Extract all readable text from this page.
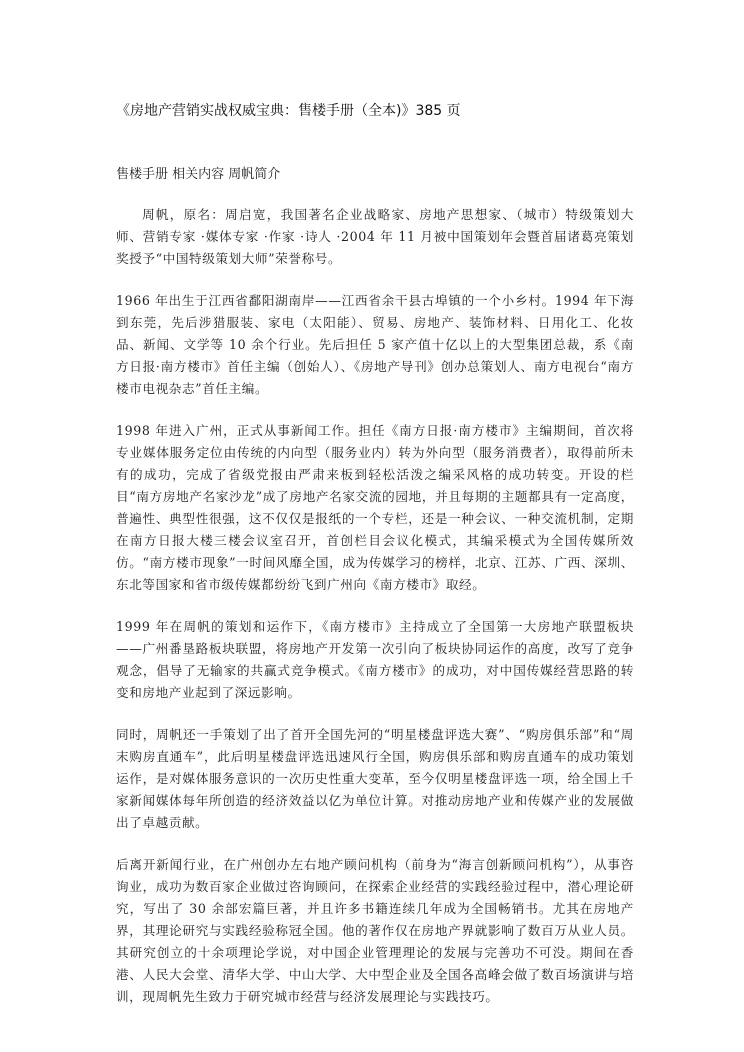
《房地产营销实战权威宝典：售楼手册（全本)》385 页
售楼手册 相关内容 周帆简介

周帆，原名：周启宽，我国著名企业战略家、房地产思想家、（城市）特级策划大师、营销专家 ·媒体专家 ·作家 ·诗人 ·2004 年 11 月被中国策划年会暨首届诸葛亮策划奖授予“中国特级策划大师”荣誉称号。

1966 年出生于江西省鄱阳湖南岸——江西省余干县古埠镇的一个小乡村。1994 年下海到东莞，先后涉猎服装、家电（太阳能）、贸易、房地产、装饰材料、日用化工、化妆品、新闻、文学等 10 余个行业。先后担任 5 家产值十亿以上的大型集团总裁，系《南方日报·南方楼市》首任主编（创始人）、《房地产导刊》创办总策划人、南方电视台“南方楼市电视杂志”首任主编。

1998 年进入广州，正式从事新闻工作。担任《南方日报·南方楼市》主编期间，首次将专业媒体服务定位由传统的内向型（服务业内）转为外向型（服务消费者），取得前所未有的成功，完成了省级党报由严肃来板到轻松活泼之编采风格的成功转变。开设的栏目“南方房地产名家沙龙”成了房地产名家交流的园地，并且每期的主题都具有一定高度，普遍性、典型性很强，这不仅仅是报纸的一个专栏，还是一种会议、一种交流机制，定期在南方日报大楼三楼会议室召开，首创栏目会议化模式，其编采模式为全国传媒所效仿。“南方楼市现象”一时间风靡全国，成为传媒学习的榜样，北京、江苏、广西、深圳、东北等国家和省市级传媒都纷纷飞到广州向《南方楼市》取经。

1999 年在周帆的策划和运作下，《南方楼市》主持成立了全国第一大房地产联盟板块——广州番垦路板块联盟，将房地产开发第一次引向了板块协同运作的高度，改写了竞争观念，倡导了无输家的共赢式竞争模式。《南方楼市》的成功，对中国传媒经营思路的转变和房地产业起到了深远影响。

同时，周帆还一手策划了出了首开全国先河的“明星楼盘评选大赛”、“购房俱乐部”和“周末购房直通车”，此后明星楼盘评选迅速风行全国，购房俱乐部和购房直通车的成功策划运作，是对媒体服务意识的一次历史性重大变革，至今仅明星楼盘评选一项，给全国上千家新闻媒体每年所创造的经济效益以亿为单位计算。对推动房地产业和传媒产业的发展做出了卓越贡献。

后离开新闻行业，在广州创办左右地产顾问机构（前身为“海言创新顾问机构”），从事咨询业，成功为数百家企业做过咨询顾问，在探索企业经营的实践经验过程中，潜心理论研究，写出了 30 余部宏篇巨著，并且许多书籍连续几年成为全国畅销书。尤其在房地产界，其理论研究与实践经验称冠全国。他的著作仅在房地产界就影响了数百万从业人员。其研究创立的十余项理论学说，对中国企业管理理论的发展与完善功不可没。期间在香港、人民大会堂、清华大学、中山大学、大中型企业及全国各高峰会做了数百场演讲与培训，现周帆先生致力于研究城市经营与经济发展理论与实践技巧。
